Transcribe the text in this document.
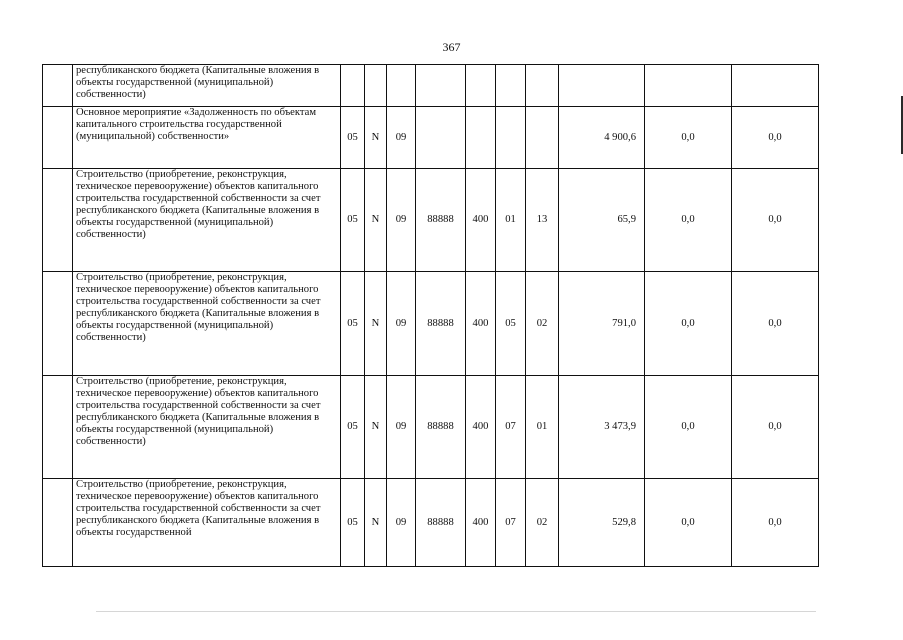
367
	республиканского бюджета (Капитальные вложения в объекты государственной (муниципальной) собственности)										
	Основное мероприятие «Задолженность по объектам капитального строительства государственной (муниципальной) собственности»	05	N	09					4 900,6	0,0	0,0
	Строительство (приобретение, реконструкция, техническое перевооружение) объектов капитального строительства государственной собственности за счет республиканского бюджета (Капитальные вложения в объекты государственной (муниципальной) собственности)	05	N	09	88888	400	01	13	65,9	0,0	0,0
	Строительство (приобретение, реконструкция, техническое перевооружение) объектов капитального строительства государственной собственности за счет республиканского бюджета (Капитальные вложения в объекты государственной (муниципальной) собственности)	05	N	09	88888	400	05	02	791,0	0,0	0,0
	Строительство (приобретение, реконструкция, техническое перевооружение) объектов капитального строительства государственной собственности за счет республиканского бюджета (Капитальные вложения в объекты государственной (муниципальной) собственности)	05	N	09	88888	400	07	01	3 473,9	0,0	0,0
	Строительство (приобретение, реконструкция, техническое перевооружение) объектов капитального строительства государственной собственности за счет республиканского бюджета (Капитальные вложения в объекты государственной	05	N	09	88888	400	07	02	529,8	0,0	0,0
